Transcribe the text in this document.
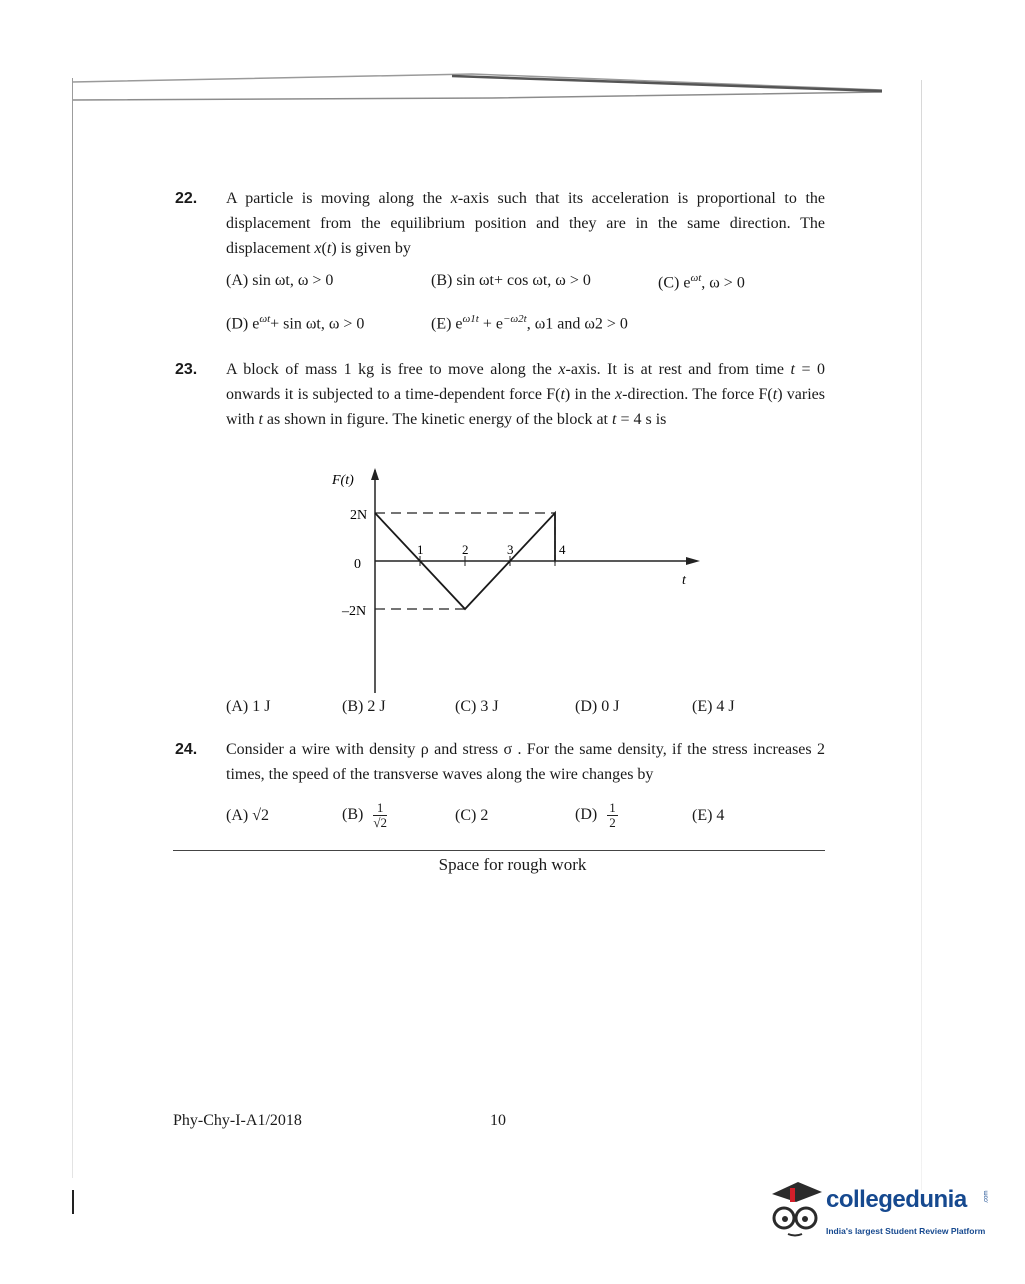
22. A particle is moving along the x-axis such that its acceleration is proportional to the displacement from the equilibrium position and they are in the same direction. The displacement x(t) is given by
(A) sin ωt, ω > 0	(B) sin ωt+ cos ωt, ω > 0	(C) $e^{\omega t}$, ω > 0
(D) $e^{\omega t}+ \sin \omega t$, ω > 0	(E) $e^{\omega 1t} + e^{-\omega 2t}$, ω1 and ω2 > 0
23. A block of mass 1 kg is free to move along the x-axis. It is at rest and from time t = 0 onwards it is subjected to a time-dependent force F(t) in the x-direction. The force F(t) varies with t as shown in figure. The kinetic energy of the block at t = 4 s is
F(t)
t
2N
0
–2N
1	2	3	4
(A) 1 J	(B) 2 J	(C) 3 J	(D) 0 J	(E) 4 J
24. Consider a wire with density ρ and stress σ . For the same density, if the stress increases 2 times, the speed of the transverse waves along the wire changes by
(A) √2	$(B) \frac{1}{√2}$	(C) 2	$(D) \frac{1}{2}$	(E) 4
Space for rough work
Phy-Chy-I-A1/2018	10
collegedunia	.com
India's largest Student Review Platform
